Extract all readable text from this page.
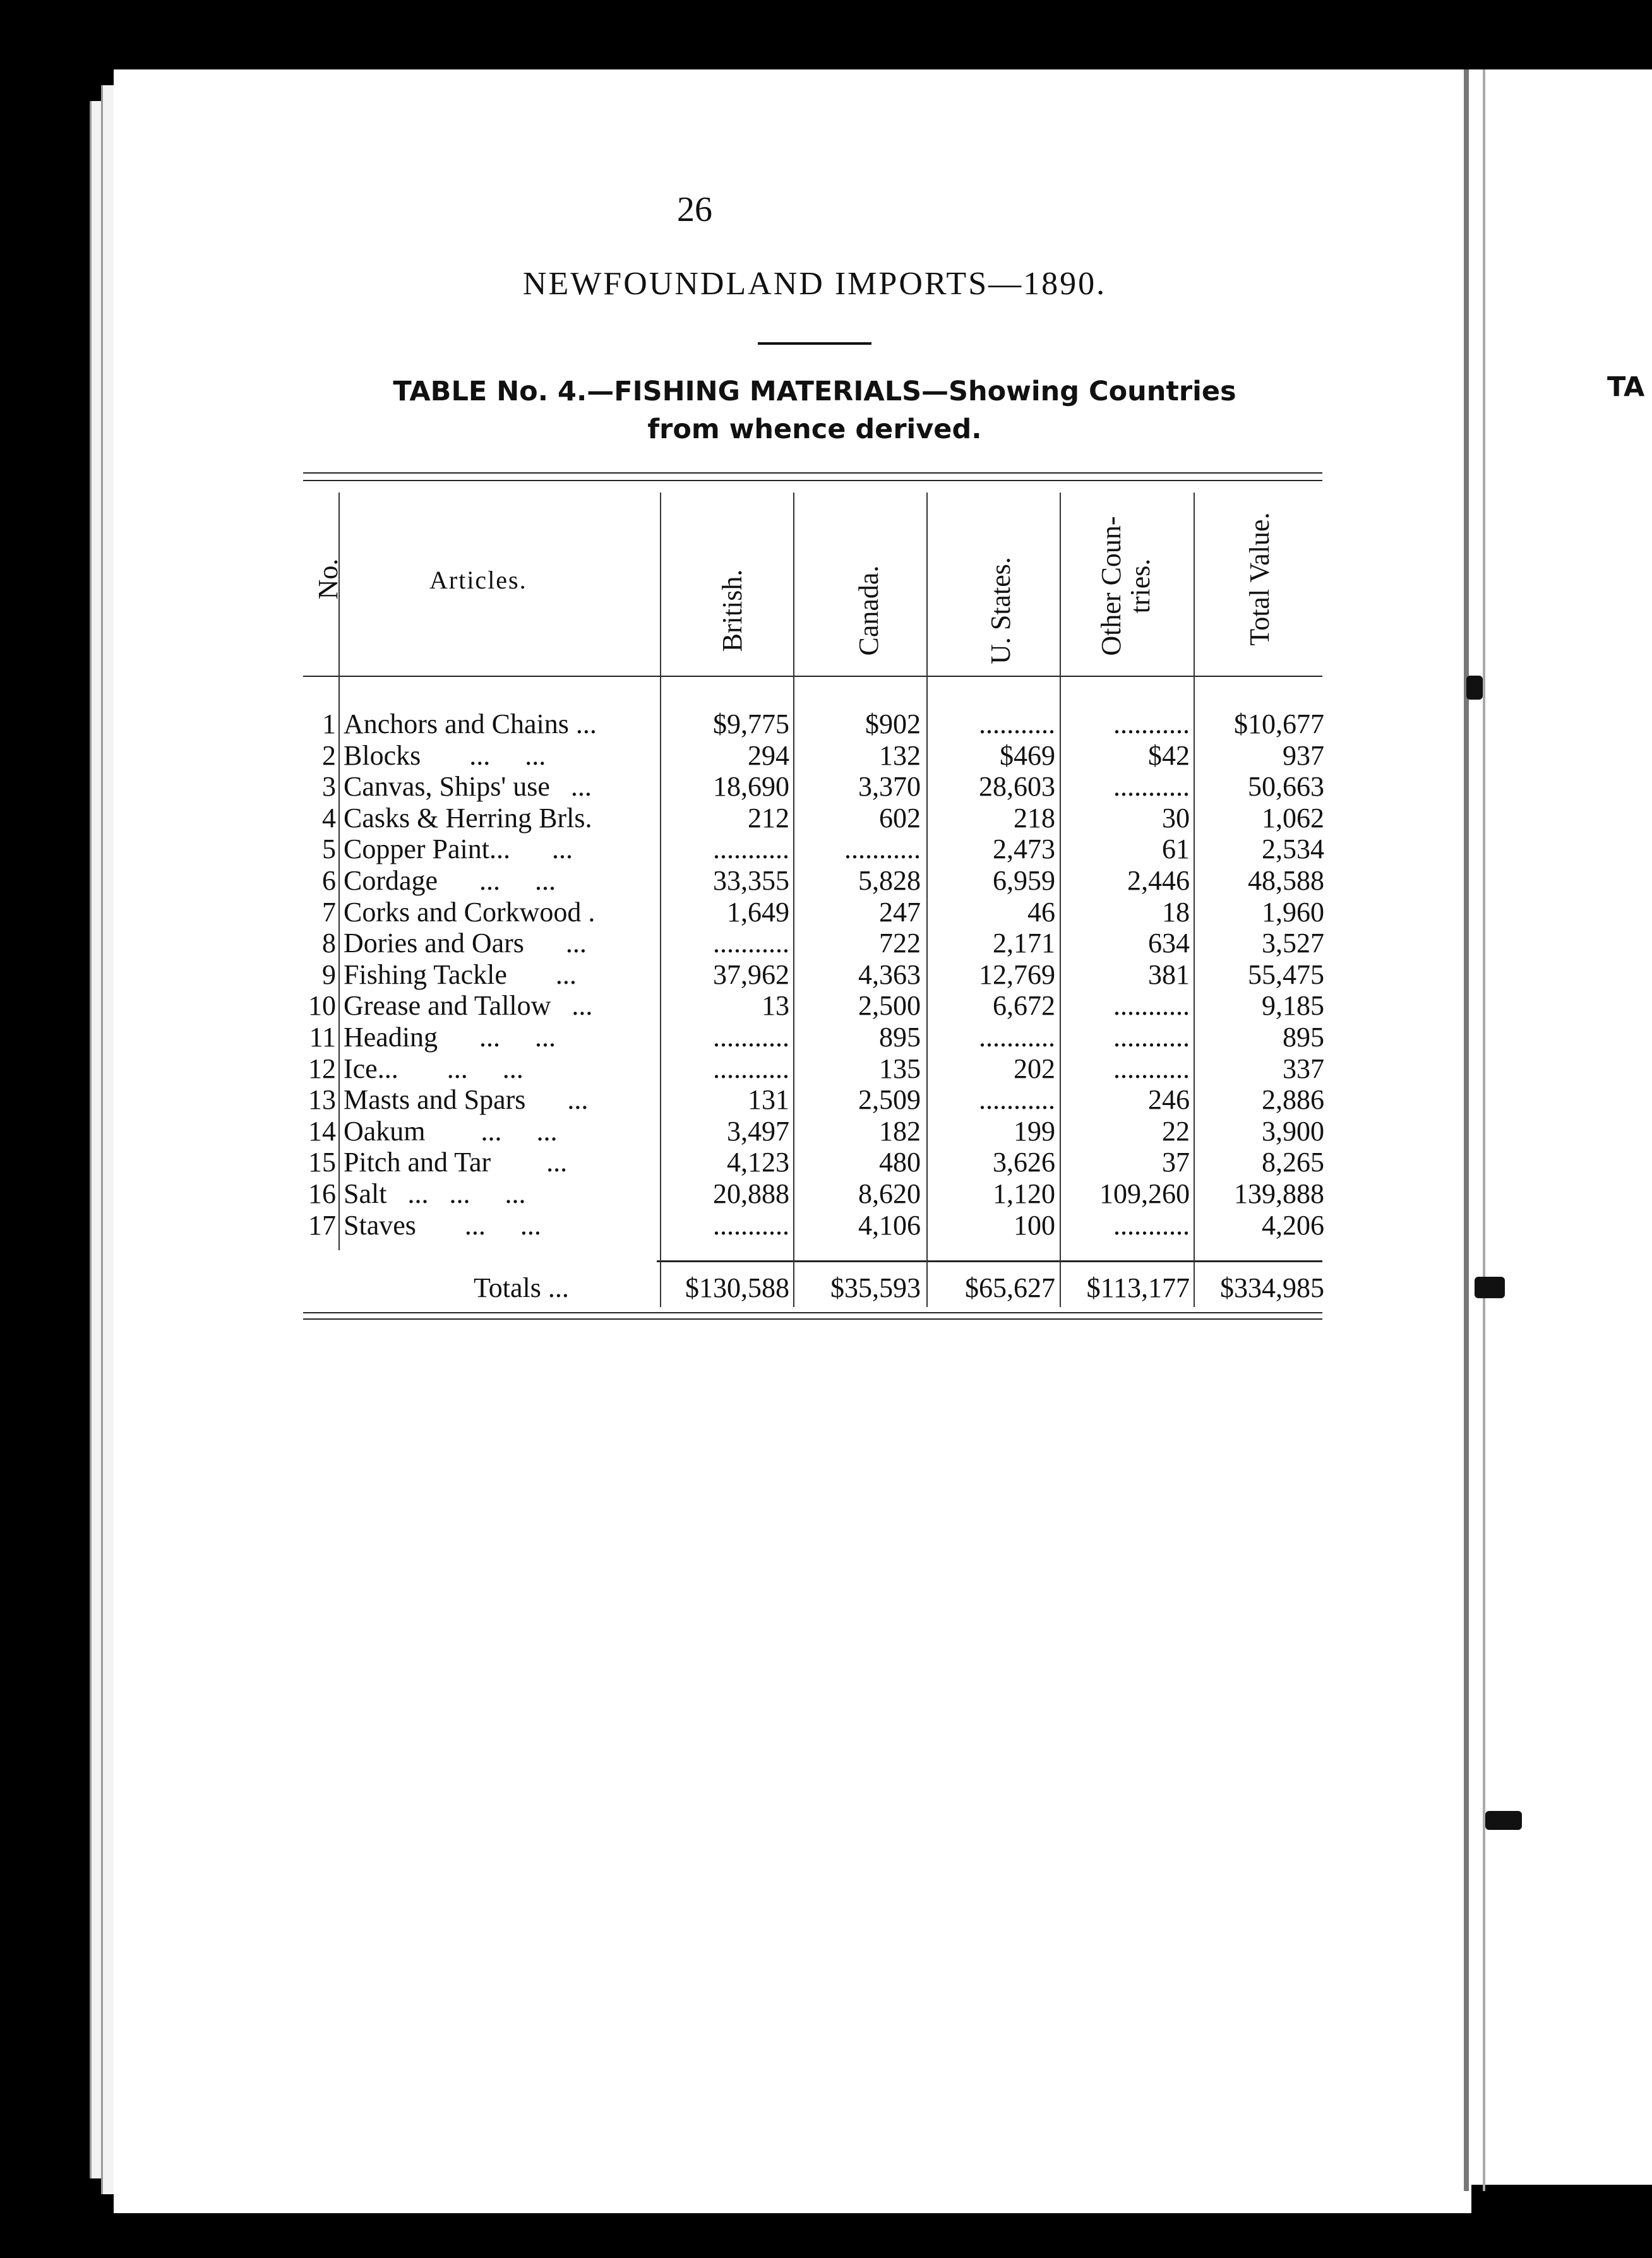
TA
26
NEWFOUNDLAND IMPORTS—1890.
TABLE No. 4.—FISHING MATERIALS—Showing Countries
from whence derived.
No.	Articles.	British.	Canada.	U. States.	Other Coun-
tries.	Total Value.
1 Anchors and Chains ...	$9,775	$902	...........	...........	$10,677
2 Blocks       ...     ...	294	132	$469	$42	937
3 Canvas, Ships' use   ...	18,690	3,370	28,603	...........	50,663
4 Casks & Herring Brls.	212	602	218	30	1,062
5 Copper Paint...      ...	...........	...........	2,473	61	2,534
6 Cordage      ...     ...	33,355	5,828	6,959	2,446	48,588
7 Corks and Corkwood .	1,649	247	46	18	1,960
8 Dories and Oars      ...	...........	722	2,171	634	3,527
9 Fishing Tackle       ...	37,962	4,363	12,769	381	55,475
10 Grease and Tallow   ...	13	2,500	6,672	...........	9,185
11 Heading      ...     ...	...........	895	...........	...........	895
12 Ice...       ...     ...	...........	135	202	...........	337
13 Masts and Spars      ...	131	2,509	...........	246	2,886
14 Oakum        ...     ...	3,497	182	199	22	3,900
15 Pitch and Tar        ...	4,123	480	3,626	37	8,265
16 Salt   ...   ...     ...	20,888	8,620	1,120	109,260	139,888
17 Staves       ...     ...	...........	4,106	100	...........	4,206
Totals ...	$130,588	$35,593	$65,627	$113,177	$334,985
